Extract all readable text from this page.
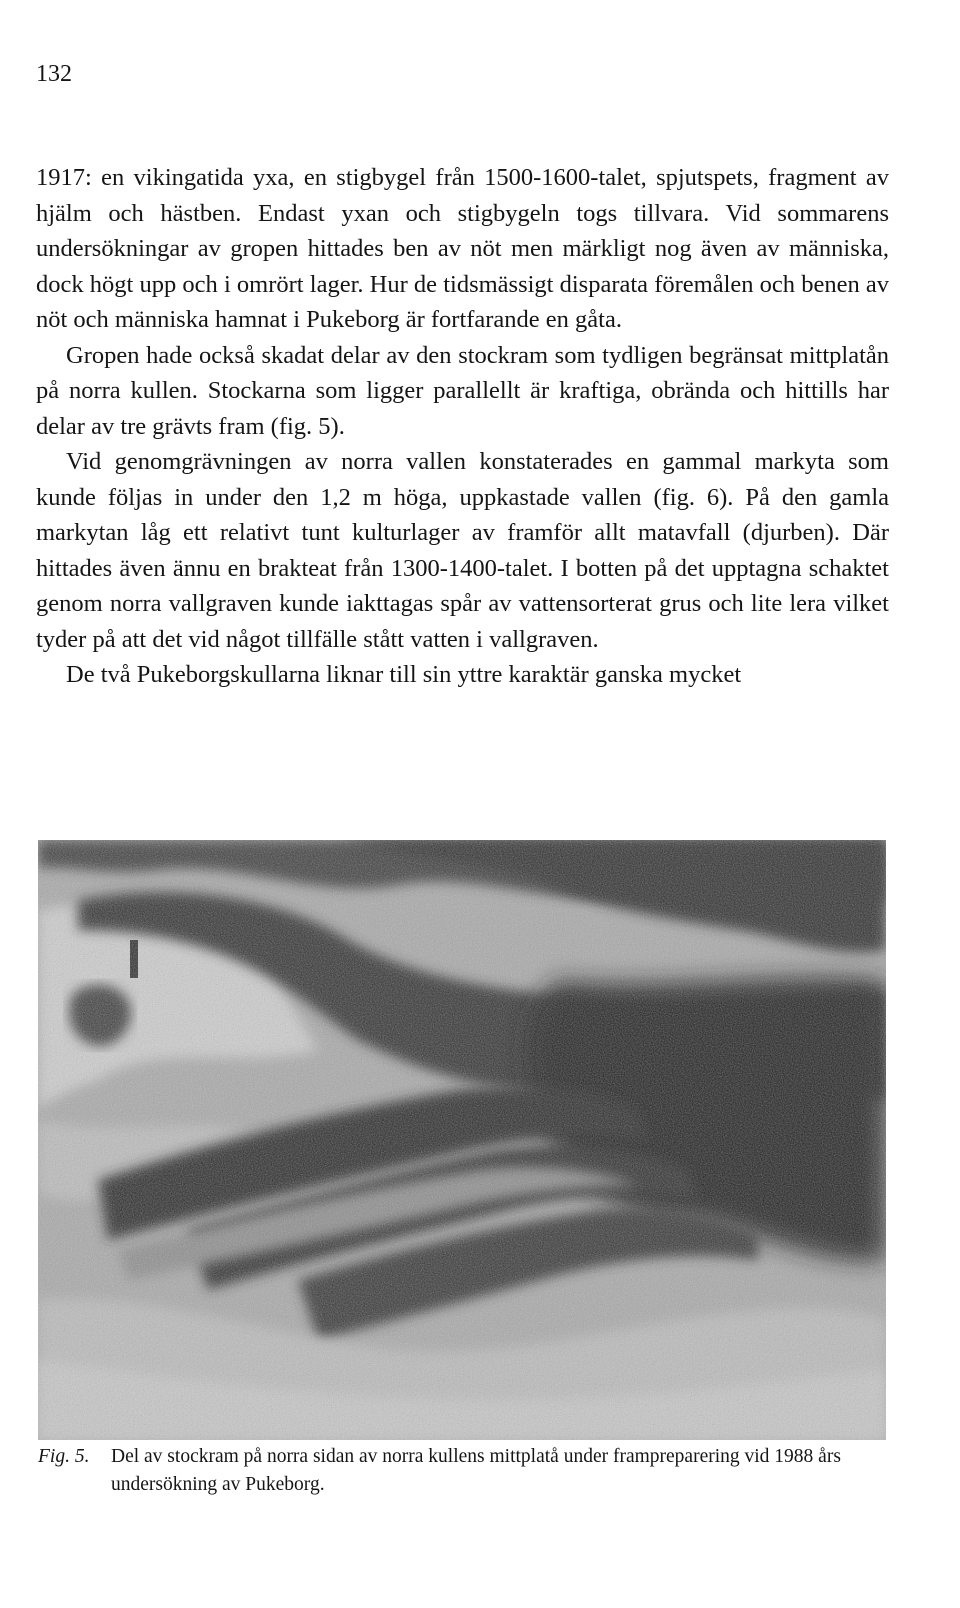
132

1917: en vikingatida yxa, en stigbygel från 1500-1600-talet, spjutspets, fragment av hjälm och hästben. Endast yxan och stigbygeln togs tillvara. Vid sommarens undersökningar av gropen hittades ben av nöt men märkligt nog även av människa, dock högt upp och i omrört lager. Hur de tidsmässigt disparata föremålen och benen av nöt och människa hamnat i Pukeborg är fortfarande en gåta.

Gropen hade också skadat delar av den stockram som tydligen begränsat mittplatån på norra kullen. Stockarna som ligger parallellt är kraftiga, obrända och hittills har delar av tre grävts fram (fig. 5).

Vid genomgrävningen av norra vallen konstaterades en gammal markyta som kunde följas in under den 1,2 m höga, uppkastade vallen (fig. 6). På den gamla markytan låg ett relativt tunt kulturlager av framför allt matavfall (djurben). Där hittades även ännu en brakteat från 1300-1400-talet. I botten på det upptagna schaktet genom norra vallgraven kunde iakttagas spår av vattensorterat grus och lite lera vilket tyder på att det vid något tillfälle stått vatten i vallgraven.

De två Pukeborgskullarna liknar till sin yttre karaktär ganska mycket

Fig. 5. Del av stockram på norra sidan av norra kullens mittplatå under frampreparering vid 1988 års undersökning av Pukeborg.
